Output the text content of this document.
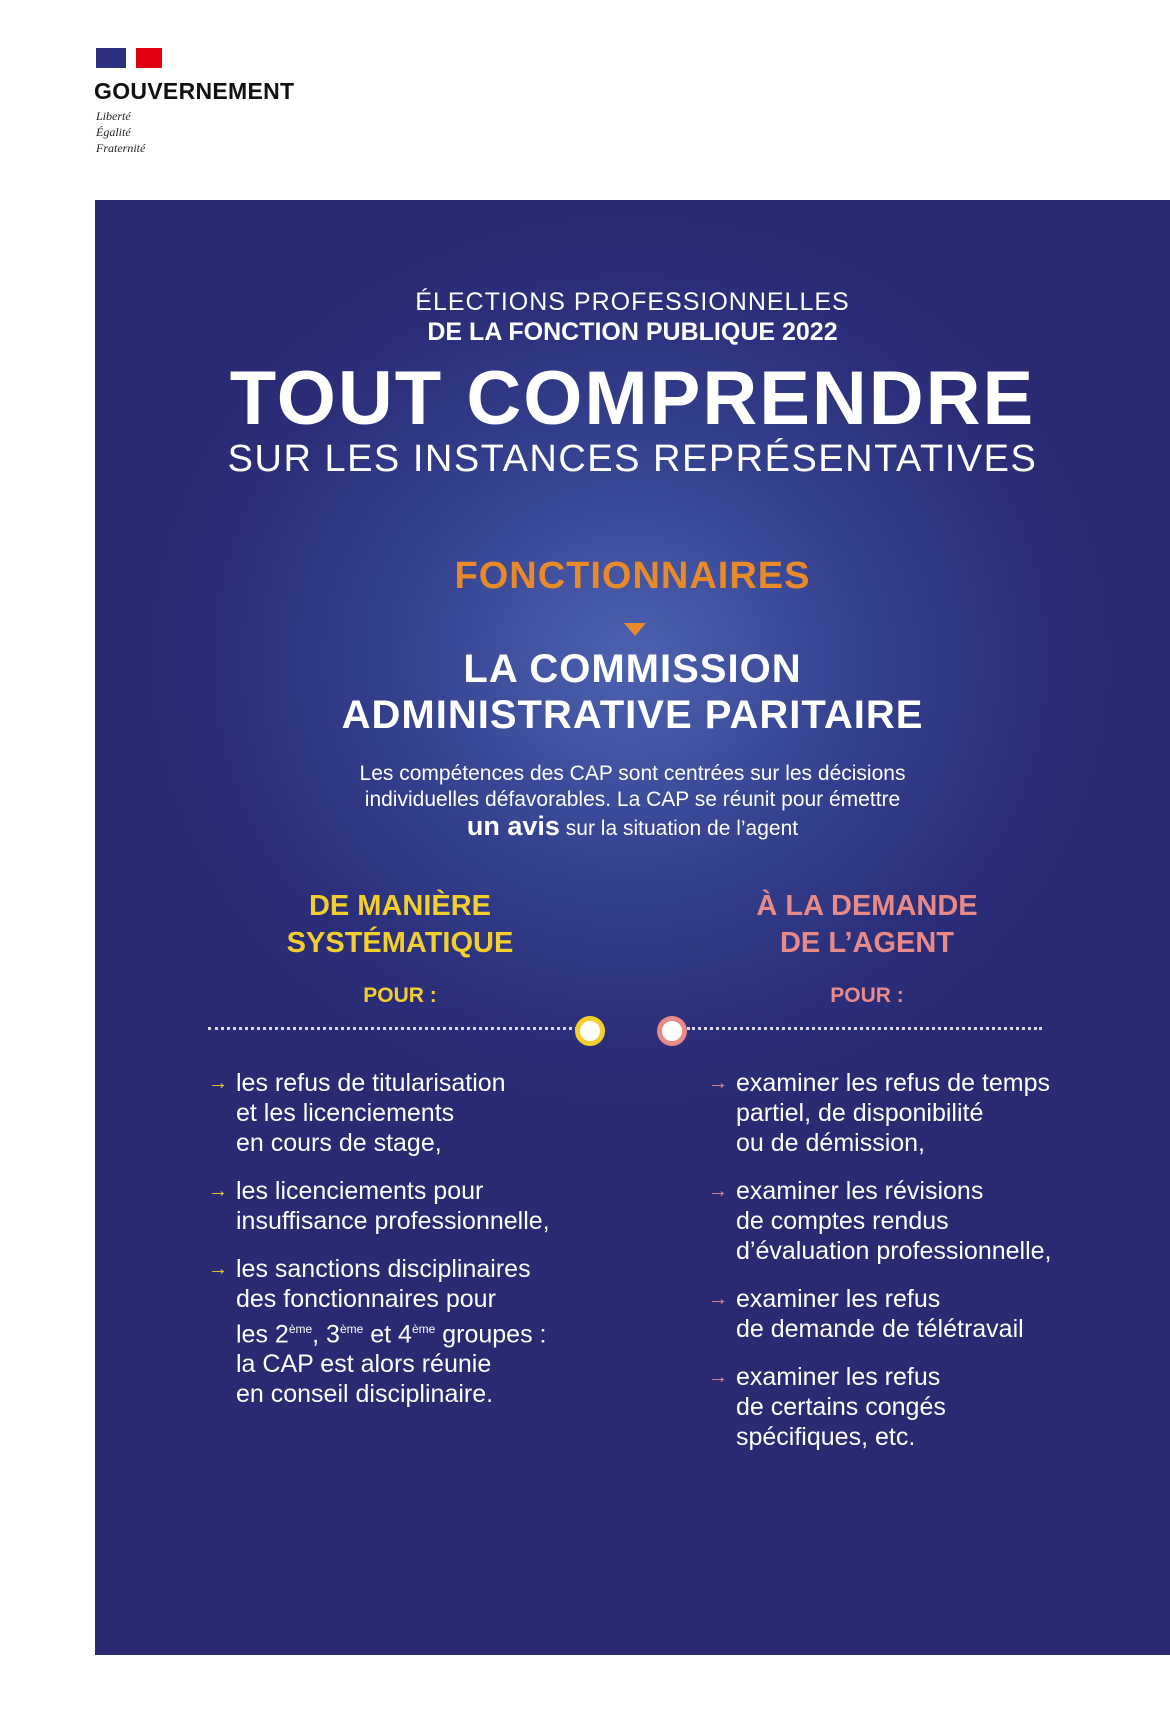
GOUVERNEMENT
Liberté
Égalité
Fraternité
ÉLECTIONS PROFESSIONNELLES
DE LA FONCTION PUBLIQUE 2022
TOUT COMPRENDRE
SUR LES INSTANCES REPRÉSENTATIVES
FONCTIONNAIRES
LA COMMISSION
ADMINISTRATIVE PARITAIRE
Les compétences des CAP sont centrées sur les décisions
individuelles défavorables. La CAP se réunit pour émettre
un avis sur la situation de l’agent
DE MANIÈRE
SYSTÉMATIQUE
POUR :
À LA DEMANDE
DE L’AGENT
POUR :
→ les refus de titularisation
et les licenciements
en cours de stage,
→ les licenciements pour
insuffisance professionnelle,
→ les sanctions disciplinaires
des fonctionnaires pour
les 2ème, 3ème et 4ème groupes :
la CAP est alors réunie
en conseil disciplinaire.
→ examiner les refus de temps
partiel, de disponibilité
ou de démission,
→ examiner les révisions
de comptes rendus
d’évaluation professionnelle,
→ examiner les refus
de demande de télétravail
→ examiner les refus
de certains congés
spécifiques, etc.
